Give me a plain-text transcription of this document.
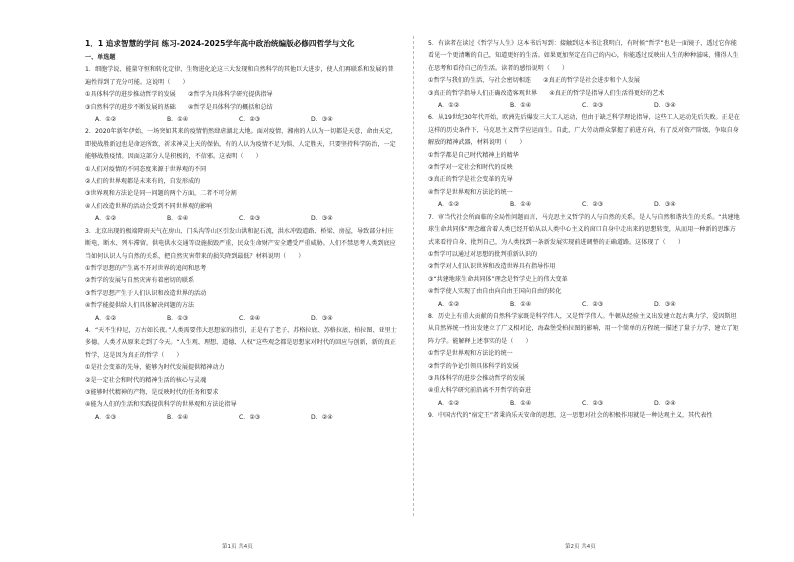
1．1 追求智慧的学问 练习-2024-2025学年高中政治统编版必修四哲学与文化
一、单选题

1．细胞学说、能量守恒和转化定律、生物进化论这三大发现和自然科学的其他巨大进步，使人们再联系和发展的普遍性得到了充分可能。这说明（　　）

①具体科学的进步推动哲学的发展　　②哲学为具体科学研究提供指导

③自然科学的进步不断发展的基础　　④哲学是具体科学的概括和总结

A．①②	B．①④	C．②③	D．③④

2．2020年新年伊始，一场突如其来的疫情悄然肆虐湖北大地。面对疫情，湘南的人认为一切都是天意，命由天定，即使战胜新冠也是命运所致，祈求神灵上天的保佑，有的人认为疫情不足为惧，人定胜天，只要坚持科学防治，一定能够战胜疫情。因面这部分人是积极的，不信邪。这表明（　　）

①人们对疫情的不同态度来源于世界观的不同

②人们的世界观都是未来有的，自发形成的

③世界观和方法论是同一问题的两个方面，二者不可分割

④人们改造世界的活动会受到不同世界观的影响

A．①②	B．①④	C．②③	D．③④

3．北京出现的极端降雨天气在房山、门头沟等山区引发山洪和泥石流，洪水冲毁道路、桥梁、房屋，导致部分村庄断电、断水、列车滞留。供电供水交通等设施损毁严重，民众生命财产安全遭受严重威胁。人们不禁思考人类到底应当如何认识人与自然的关系，把自然灾害带来的损失降到最低？材料说明（　　）

①哲学思想的产生离不开对世界的追问和思考

②哲学的发展与自然灾害有着密切的联系

③哲学思想产生于人们认识和改造世界的活动

④哲学能提供给人们具体解决问题的方法

A．①②	B．①③	C．②④	D．③④

4．“天不生仲尼，万古如长夜。”人类需要伟大思想家的指引，正是有了老子、苏格拉底、苏格拉底、柏拉图、亚里士多德，人类才从原来走到了今天。“人生观、理想、道德、人权”这些观念都是思想家对时代的回应与创新，新的真正哲学，这是因为真正的哲学（　　）

①是社会变革的先导，能够为时代发展提供精神动力

②是一定社会和时代的精神生活的核心与灵魂

③能够时代精神的产物，是反映时代的任务和要求

④能为人们的生活和实践提供科学的世界观和方法论指导

A．①③	B．①④	C．②③	D．②④

5．有读者在读过《哲学与人生》这本书后写到：接触到这本书让我明白，有时候“哲学”也是一面镜子，透过它你能看见一个更清晰的自己，知道更好的生活。如果更加坚定在自己的内心，你能透过反映出人生的种种滋味，懂得人生在思考和看待自己的生活。读者的感悟说明（　　）

①哲学与我们的生活、与社会密切相连　　②真正的哲学是社会进步和个人发展

③真正的哲学指导人们正确改造客观世界　　④真正的哲学是指导人们生活得更好的艺术

A．①②	B．①④	C．②③	D．③④

6．从19世纪30年代开始，欧洲先后爆发三大工人运动，但由于缺乏科学理论指导，这些工人运动先后失败。正是在这样的历史条件下，马克思主义哲学应运而生。自此，广大劳动群众掌握了前进方向，有了反对资产阶级、争取自身解放的精神武器，材料说明（　　）

①哲学都是自己时代精神上的精华

②哲学对一定社会和时代的反映

③真正的哲学是社会变革的先导

④哲学是世界观和方法论的统一

A．①②	B．①④	C．②③	D．③④

7．审当代社会所面临的全局性问题而言，马克思主义哲学的人与自然的关系，是人与自然和谐共生的关系。“共建地球生命共同体”理念蕴含着人类已经开始从以人类中心主义的窗口自身中走出来的思想转变，从而用一种新的思维方式来看待自身、批判自己，为人类找到一条新发展实现前进调整的正确道路。这体现了（　　）

①哲学可以通过对思想的批判重新认识的

②哲学对人们认识世界和改造世界具有指导作用

③“共建地球生命共同体”理念是哲学史上的伟大变革

④哲学使人实现了由自由向自由王国向自由的转化

A．①②	B．①④	C．②③	D．③④

8．历史上有重大贡献的自然科学家既是科学伟人，又是哲学伟人。牛顿从经验主义出发建立起古典力学，爱因斯坦从自然界统一性出发建立了广义相对论，海森堡受柏拉图的影响，用一个简单的方程统一描述了量子力学，建立了矩阵力学。能解释上述事实的是（　　）

①哲学是世界观和方法论的统一

②哲学的争论引领具体科学的发展

③具体科学的进步会推动哲学的发展

④重大科学研究前沿离不开哲学的奋进

A．①②	B．①④	C．②③	D．②④

9．中国古代的“宿定王”者秉尚乐天安命的思想，这一思想对社会的积极作用就是一种达观主义，其代表性

第1页 共4页	第2页 共4页
